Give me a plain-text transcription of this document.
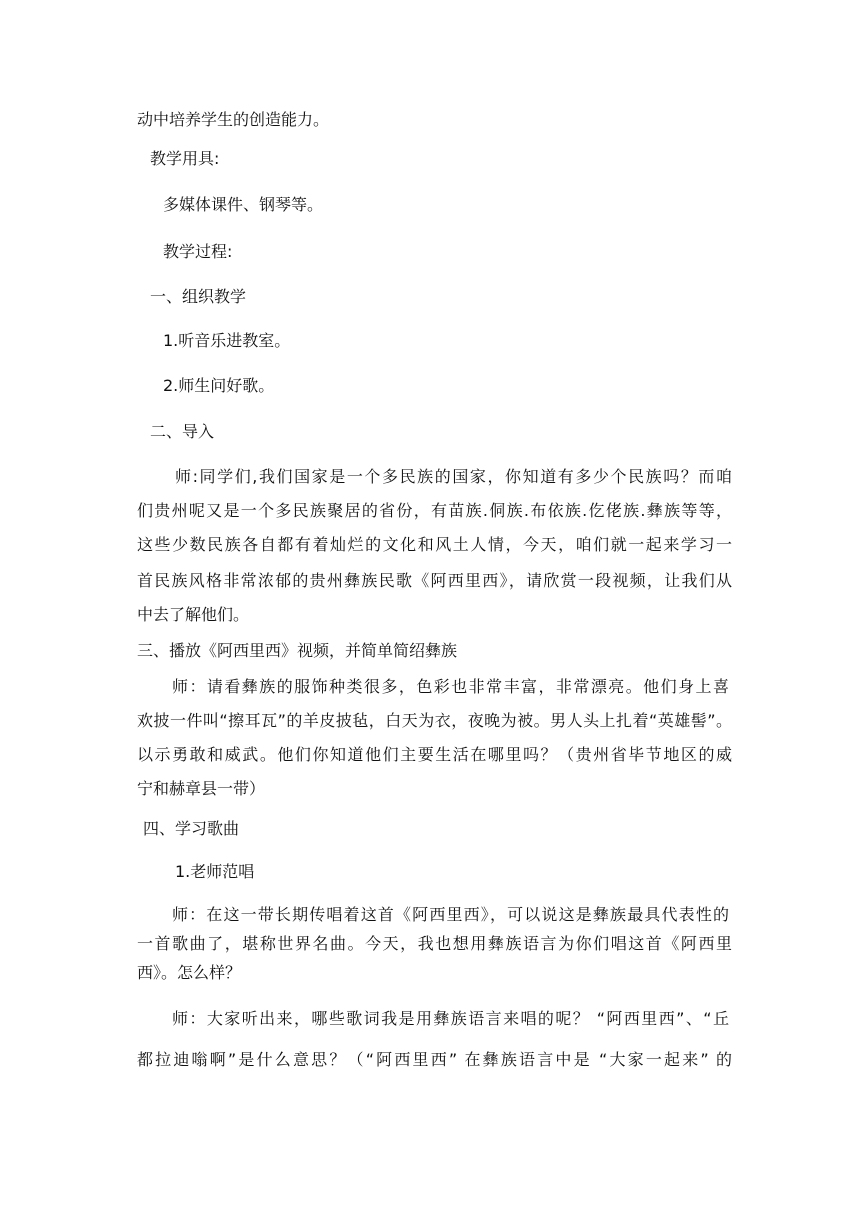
动中培养学生的创造能力。
教学用具:
多媒体课件、钢琴等。
教学过程:
一、组织教学
1.听音乐进教室。
2.师生问好歌。
二、导入
师:同学们,我们国家是一个多民族的国家，你知道有多少个民族吗？而咱
们贵州呢又是一个多民族聚居的省份，有苗族.侗族.布依族.仡佬族.彝族等等，
这些少数民族各自都有着灿烂的文化和风土人情，今天，咱们就一起来学习一
首民族风格非常浓郁的贵州彝族民歌《阿西里西》，请欣赏一段视频，让我们从
中去了解他们。
三、播放《阿西里西》视频，并简单简绍彝族
师：请看彝族的服饰种类很多，色彩也非常丰富，非常漂亮。他们身上喜
欢披一件叫“擦耳瓦”的羊皮披毡，白天为衣，夜晚为被。男人头上扎着“英雄髻”。
以示勇敢和威武。他们你知道他们主要生活在哪里吗？（贵州省毕节地区的威
宁和赫章县一带）
四、学习歌曲
1.老师范唱
师：在这一带长期传唱着这首《阿西里西》，可以说这是彝族最具代表性的
一首歌曲了，堪称世界名曲。今天，我也想用彝族语言为你们唱这首《阿西里
西》。怎么样？
师：大家听出来，哪些歌词我是用彝族语言来唱的呢？ “阿西里西”、“丘
都拉迪嗡啊”是什么意思？（“阿西里西” 在彝族语言中是 “大家一起来” 的
